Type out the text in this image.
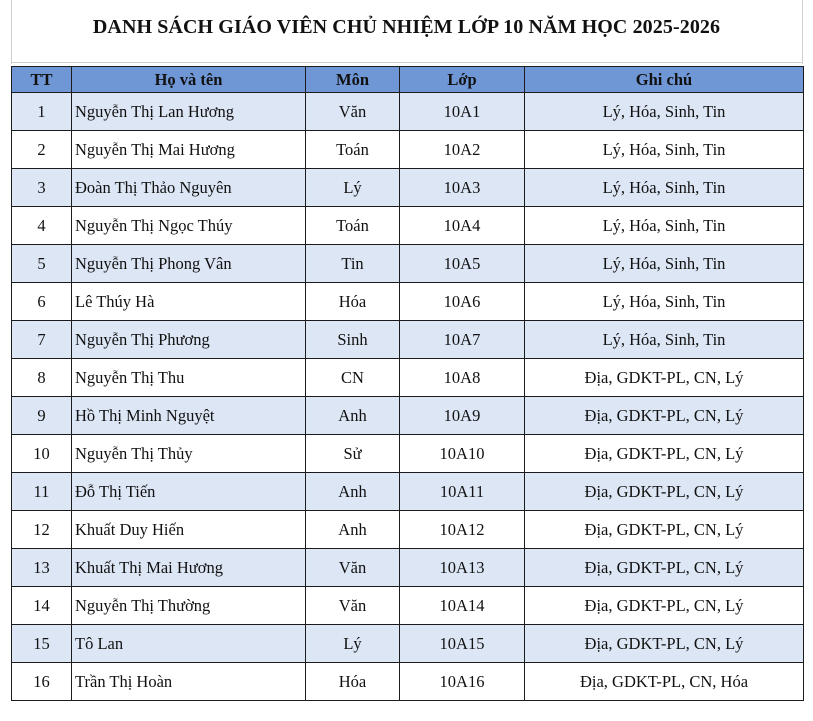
DANH SÁCH GIÁO VIÊN CHỦ NHIỆM LỚP 10 NĂM HỌC 2025-2026
TT	Họ và tên	Môn	Lớp	Ghi chú
1	Nguyễn Thị Lan Hương	Văn	10A1	Lý, Hóa, Sinh, Tin
2	Nguyễn Thị Mai Hương	Toán	10A2	Lý, Hóa, Sinh, Tin
3	Đoàn Thị Thảo Nguyên	Lý	10A3	Lý, Hóa, Sinh, Tin
4	Nguyễn Thị Ngọc Thúy	Toán	10A4	Lý, Hóa, Sinh, Tin
5	Nguyễn Thị Phong Vân	Tin	10A5	Lý, Hóa, Sinh, Tin
6	Lê Thúy Hà	Hóa	10A6	Lý, Hóa, Sinh, Tin
7	Nguyễn Thị Phương	Sinh	10A7	Lý, Hóa, Sinh, Tin
8	Nguyễn Thị Thu	CN	10A8	Địa, GDKT-PL, CN, Lý
9	Hồ Thị Minh Nguyệt	Anh	10A9	Địa, GDKT-PL, CN, Lý
10	Nguyễn Thị Thủy	Sử	10A10	Địa, GDKT-PL, CN, Lý
11	Đỗ Thị Tiến	Anh	10A11	Địa, GDKT-PL, CN, Lý
12	Khuất Duy Hiến	Anh	10A12	Địa, GDKT-PL, CN, Lý
13	Khuất Thị Mai Hương	Văn	10A13	Địa, GDKT-PL, CN, Lý
14	Nguyễn Thị Thường	Văn	10A14	Địa, GDKT-PL, CN, Lý
15	Tô Lan	Lý	10A15	Địa, GDKT-PL, CN, Lý
16	Trần Thị Hoàn	Hóa	10A16	Địa, GDKT-PL, CN, Hóa
